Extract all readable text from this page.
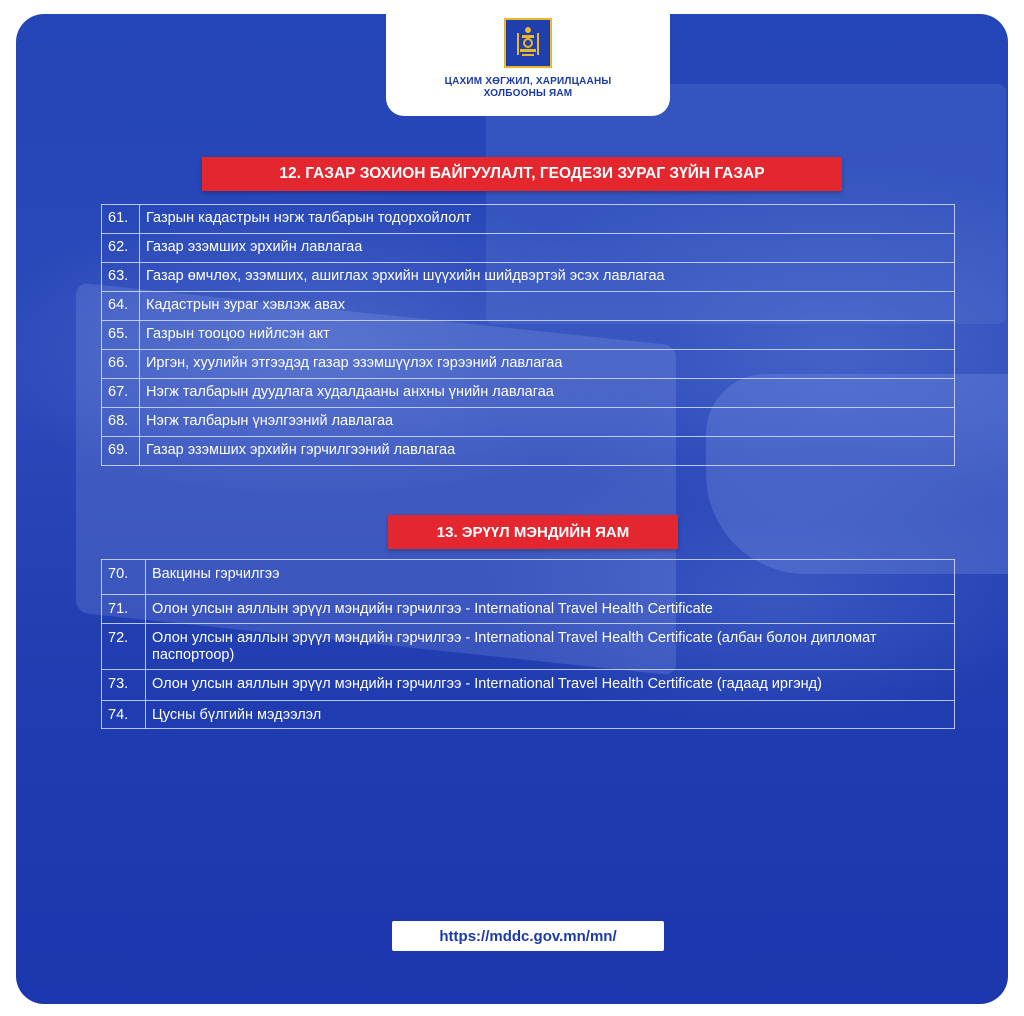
ЦАХИМ ХӨГЖИЛ, ХАРИЛЦААНЫ
ХОЛБООНЫ ЯАМ
12. ГАЗАР ЗОХИОН БАЙГУУЛАЛТ, ГЕОДЕЗИ ЗУРАГ ЗҮЙН ГАЗАР
61.	Газрын кадастрын нэгж талбарын тодорхойлолт
62.	Газар эзэмших эрхийн лавлагаа
63.	Газар өмчлөх, эзэмших, ашиглах эрхийн шүүхийн шийдвэртэй эсэх лавлагаа
64.	Кадастрын зураг хэвлэж авах
65.	Газрын тооцоо нийлсэн акт
66.	Иргэн, хуулийн этгээдэд газар эзэмшүүлэх гэрээний лавлагаа
67.	Нэгж талбарын дуудлага худалдааны анхны үнийн лавлагаа
68.	Нэгж талбарын үнэлгээний лавлагаа
69.	Газар эзэмших эрхийн гэрчилгээний лавлагаа
13. ЭРҮҮЛ МЭНДИЙН ЯАМ
70.	Вакцины гэрчилгээ
71.	Олон улсын аяллын эрүүл мэндийн гэрчилгээ - International Travel Health Certificate
72.	Олон улсын аяллын эрүүл мэндийн гэрчилгээ - International Travel Health Certificate (албан болон дипломат паспортоор)
73.	Олон улсын аяллын эрүүл мэндийн гэрчилгээ - International Travel Health Certificate (гадаад иргэнд)
74.	Цусны бүлгийн мэдээлэл
https://mddc.gov.mn/mn/
